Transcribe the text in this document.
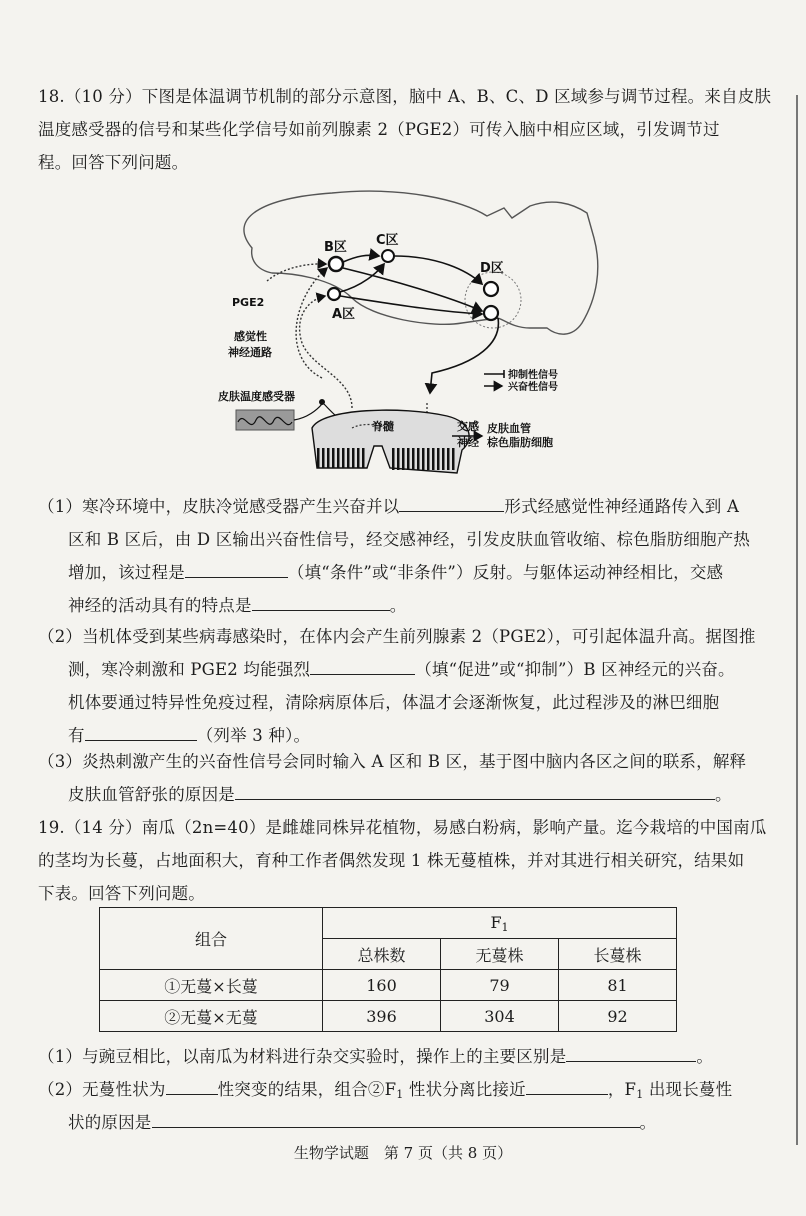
18.（10 分）下图是体温调节机制的部分示意图，脑中 A、B、C、D 区域参与调节过程。来自皮肤
温度感受器的信号和某些化学信号如前列腺素 2（PGE2）可传入脑中相应区域，引发调节过
程。回答下列问题。
抑制性信号
兴奋性信号
B区 C区
D区
A区
PGE2
感觉性
神经通路
皮肤温度感受器
脊髓	交感
神经
皮肤血管
棕色脂肪细胞
（1）寒冷环境中，皮肤冷觉感受器产生兴奋并以	形式经感觉性神经通路传入到 A
区和 B 区后，由 D 区输出兴奋性信号，经交感神经，引发皮肤血管收缩、棕色脂肪细胞产热
增加，该过程是	（填“条件”或“非条件”）反射。与躯体运动神经相比，交感
神经的活动具有的特点是	。
（2）当机体受到某些病毒感染时，在体内会产生前列腺素 2（PGE2），可引起体温升高。据图推
测，寒冷刺激和 PGE2 均能强烈	（填“促进”或“抑制”）B 区神经元的兴奋。
机体要通过特异性免疫过程，清除病原体后，体温才会逐渐恢复，此过程涉及的淋巴细胞
有	（列举 3 种）。
（3）炎热刺激产生的兴奋性信号会同时输入 A 区和 B 区，基于图中脑内各区之间的联系，解释
皮肤血管舒张的原因是	。
19.（14 分）南瓜（2n=40）是雌雄同株异花植物，易感白粉病，影响产量。迄今栽培的中国南瓜
的茎均为长蔓，占地面积大，育种工作者偶然发现 1 株无蔓植株，并对其进行相关研究，结果如
下表。回答下列问题。
组合	$F_1$
	总株数	无蔓株	长蔓株
①无蔓×长蔓	160	79	81
②无蔓×无蔓	396	304	92
（1）与豌豆相比，以南瓜为材料进行杂交实验时，操作上的主要区别是	。
（2）无蔓性状为	性突变的结果，组合$②F_1$ 性状分离比接近	，$F_1$ 出现长蔓性
状的原因是	。
生物学试题　第 7 页（共 8 页）
